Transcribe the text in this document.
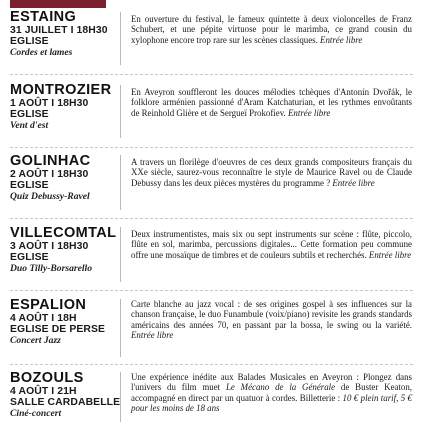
ESTAING
31 JUILLET I 18H30
EGLISE
Cordes et lames
En ouverture du festival, le fameux quintette à deux violoncelles de Franz Schubert, et une pépite virtuose pour le marimba, ce grand cousin du xylophone encore trop rare sur les scènes classiques. Entrée libre
MONTROZIER
1 AOÛT I 18H30
EGLISE
Vent d'est
En Aveyron souffleront les douces mélodies tchèques d'Antonín Dvořák, le folklore arménien passionné d'Aram Katchaturian, et les rythmes envoûtants de Reinhold Glière et de Sergueï Prokofiev. Entrée libre
GOLINHAC
2 AOÛT I 18H30
EGLISE
Quiz Debussy-Ravel
A travers un florilège d'oeuvres de ces deux grands compositeurs français du XXe siècle, saurez-vous reconnaître le style de Maurice Ravel ou de Claude Debussy dans les deux pièces mystères du programme ? Entrée libre
VILLECOMTAL
3 AOÛT I 18H30
EGLISE
Duo Tilly-Borsarello
Deux instrumentistes, mais six ou sept instruments sur scène : flûte, piccolo, flûte en sol, marimba, percussions digitales... Cette formation peu commune offre une mosaïque de timbres et de couleurs subtils et recherchés. Entrée libre
ESPALION
4 AOÛT I 18H
EGLISE DE PERSE
Concert Jazz
Carte blanche au jazz vocal : de ses origines gospel à ses influences sur la chanson française, le duo Funambule (voix/piano) revisite les grands standards américains des années 70, en passant par la bossa, le swing ou la variété. Entrée libre
BOZOULS
4 AOÛT I 21H
SALLE CARDABELLE
Ciné-concert
Une expérience inédite aux Balades Musicales en Aveyron : Plongez dans l'univers du film muet Le Mécano de la Générale de Buster Keaton, accompagné en direct par un quatuor à cordes. Billetterie : 10 € plein tarif, 5 € pour les moins de 18 ans
